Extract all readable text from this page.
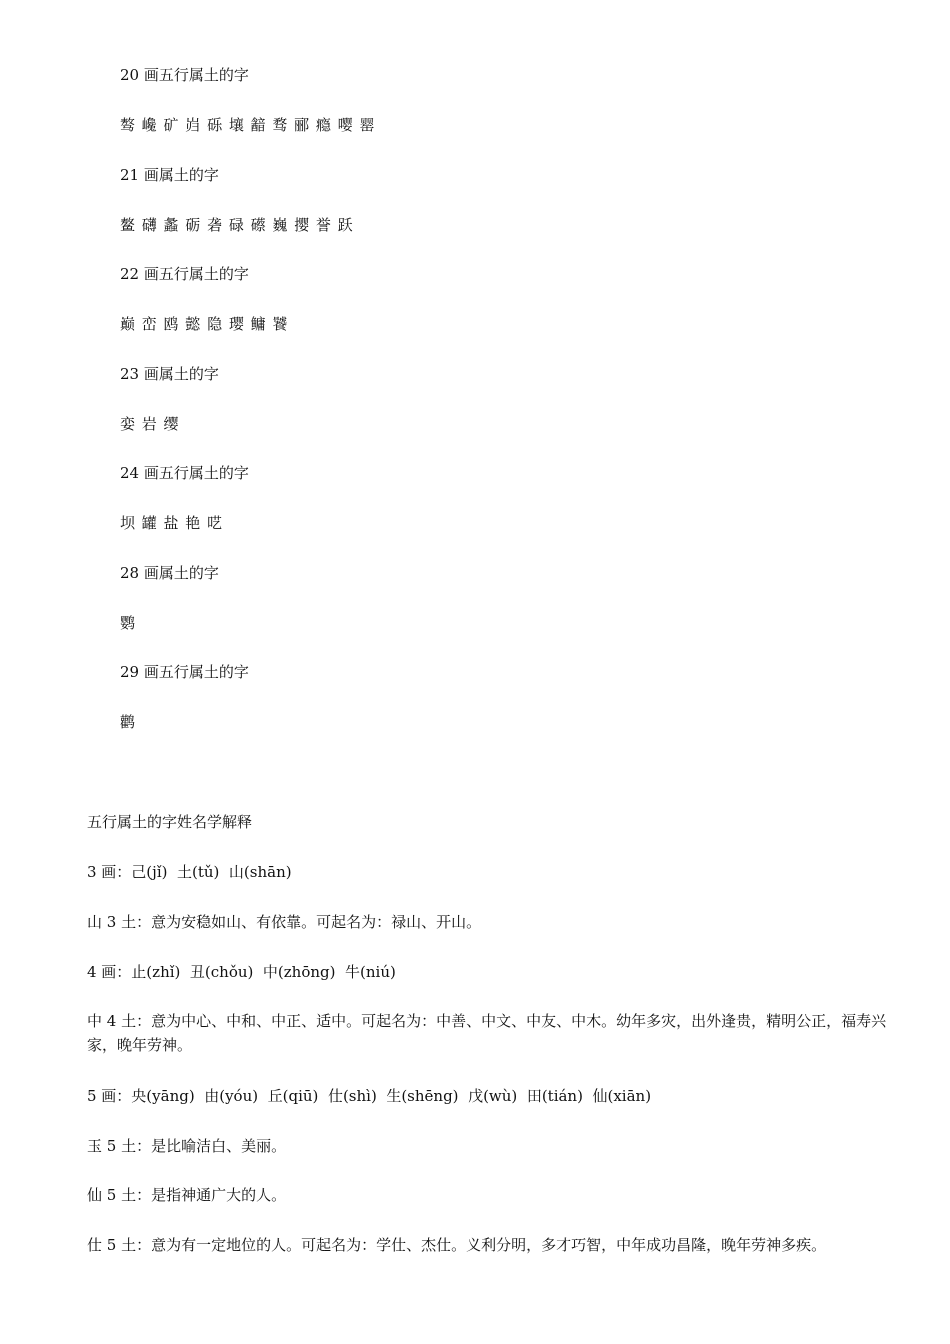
20 画五行属土的字

骜 巉 矿 岿 砾 壤 韽 骛 郦 瘾 嘤 罂

21 画属土的字

鳌 礴 蠡 砺 砻 碌 礤 巍 撄 誉 跃

22 画五行属土的字

巅 峦 鸥 懿 隐 璎 鳙 饕

23 画属土的字

娈 岩 缨

24 画五行属土的字

坝 罐 盐 艳 呓

28 画属土的字

鹦

29 画五行属土的字

鹳

五行属土的字姓名学解释

3 画：己(jǐ)  土(tǔ)  山(shān)

山 3 土：意为安稳如山、有依靠。可起名为：禄山、开山。

4 画：止(zhǐ)  丑(chǒu)  中(zhōng)  牛(niú)

中 4 土：意为中心、中和、中正、适中。可起名为：中善、中文、中友、中木。幼年多灾，出外逢贵，精明公正，福寿兴家，晚年劳神。

5 画：央(yāng)  由(yóu)  丘(qiū)  仕(shì)  生(shēng)  戊(wù)  田(tián)  仙(xiān)

玉 5 土：是比喻洁白、美丽。

仙 5 土：是指神通广大的人。

仕 5 土：意为有一定地位的人。可起名为：学仕、杰仕。义利分明，多才巧智，中年成功昌隆，晚年劳神多疾。
